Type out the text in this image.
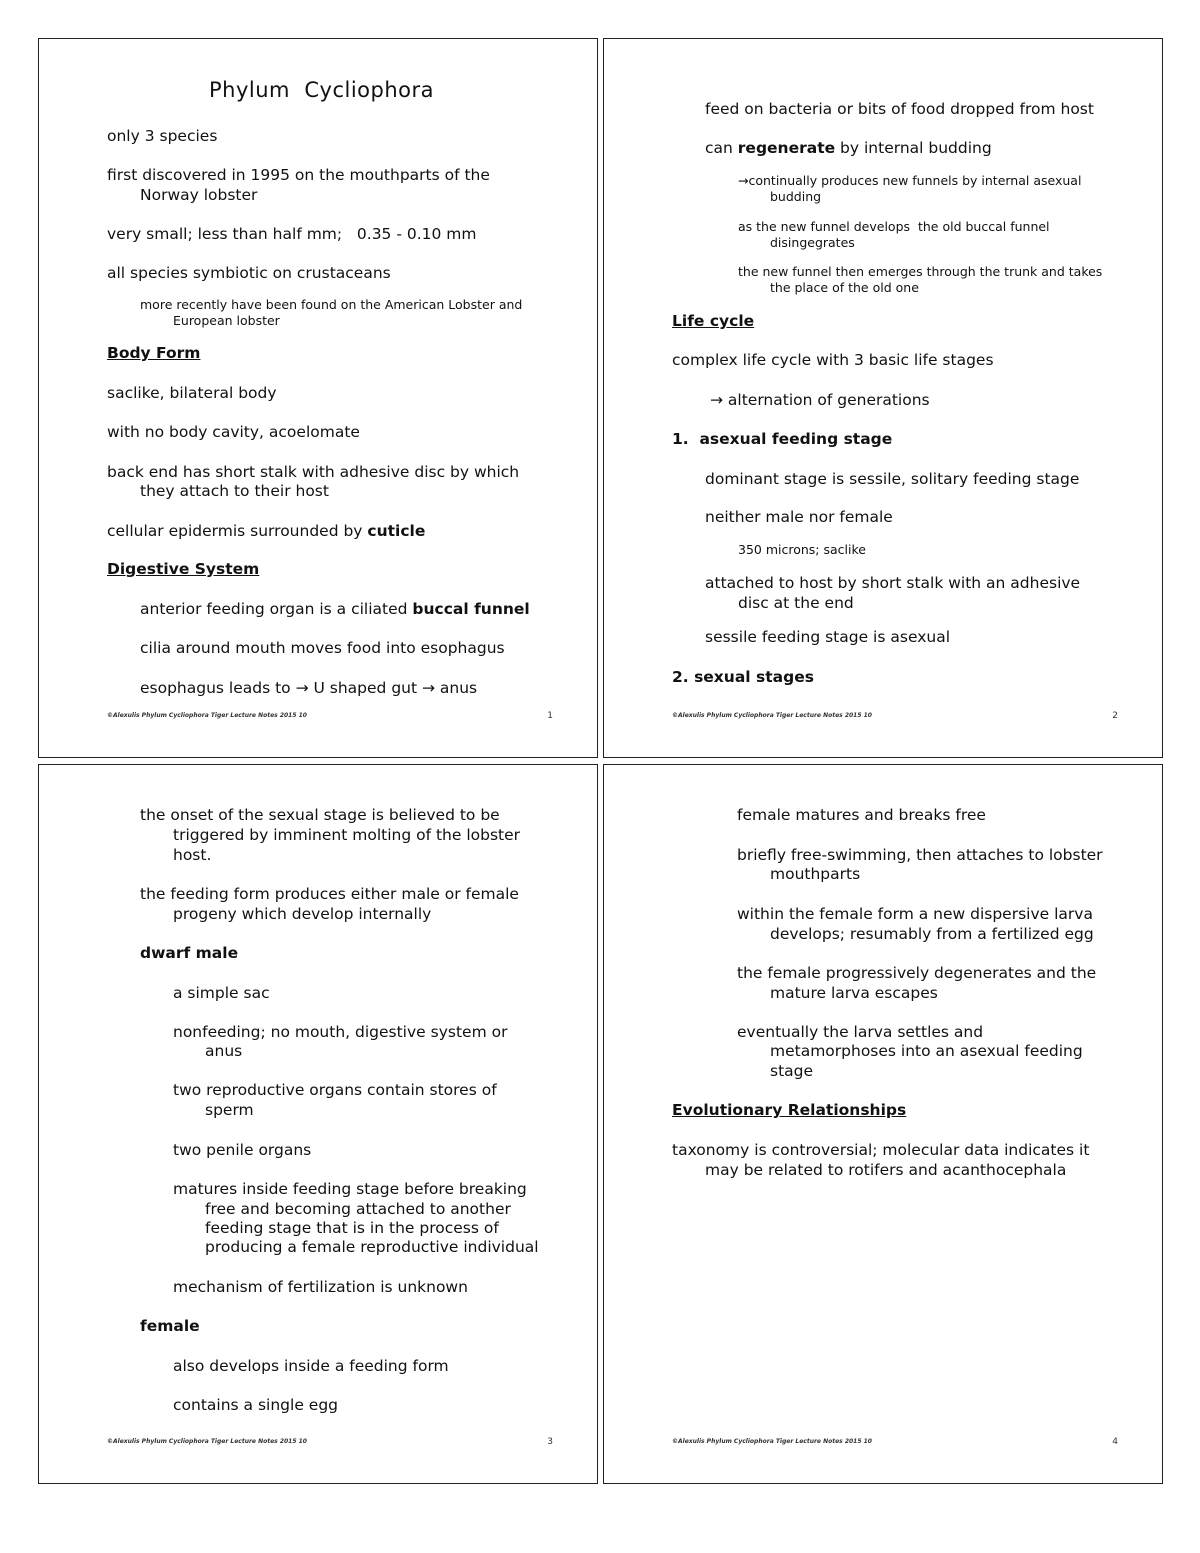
Phylum  Cycliophora
only 3 species
first discovered in 1995 on the mouthparts of the
Norway lobster
very small; less than half mm;   0.35 - 0.10 mm
all species symbiotic on crustaceans
more recently have been found on the American Lobster and
European lobster
Body Form
saclike, bilateral body
with no body cavity, acoelomate
back end has short stalk with adhesive disc by which
they attach to their host
cellular epidermis surrounded by cuticle
Digestive System
anterior feeding organ is a ciliated buccal funnel
cilia around mouth moves food into esophagus
esophagus leads to → U shaped gut → anus
©Alexulis Phylum Cycliophora Tiger Lecture Notes 2015 10	1
feed on bacteria or bits of food dropped from host
can regenerate by internal budding
→continually produces new funnels by internal asexual
budding
as the new funnel develops  the old buccal funnel
disingegrates
the new funnel then emerges through the trunk and takes
the place of the old one
Life cycle
complex life cycle with 3 basic life stages
→ alternation of generations
1.  asexual feeding stage
dominant stage is sessile, solitary feeding stage
neither male nor female
350 microns; saclike
attached to host by short stalk with an adhesive
disc at the end
sessile feeding stage is asexual
2. sexual stages
©Alexulis Phylum Cycliophora Tiger Lecture Notes 2015 10	2
the onset of the sexual stage is believed to be
triggered by imminent molting of the lobster
host.
the feeding form produces either male or female
progeny which develop internally
dwarf male
a simple sac
nonfeeding; no mouth, digestive system or
anus
two reproductive organs contain stores of
sperm
two penile organs
matures inside feeding stage before breaking
free and becoming attached to another
feeding stage that is in the process of
producing a female reproductive individual
mechanism of fertilization is unknown
female
also develops inside a feeding form
contains a single egg
©Alexulis Phylum Cycliophora Tiger Lecture Notes 2015 10	3
female matures and breaks free
briefly free-swimming, then attaches to lobster
mouthparts
within the female form a new dispersive larva
develops; resumably from a fertilized egg
the female progressively degenerates and the
mature larva escapes
eventually the larva settles and
metamorphoses into an asexual feeding
stage
Evolutionary Relationships
taxonomy is controversial; molecular data indicates it
may be related to rotifers and acanthocephala
©Alexulis Phylum Cycliophora Tiger Lecture Notes 2015 10	4
